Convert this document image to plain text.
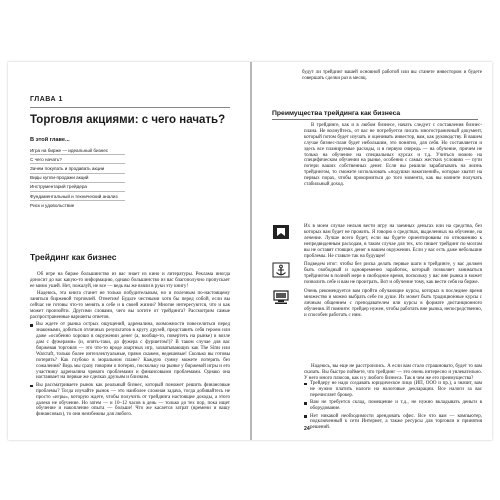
ГЛАВА 1
Торговля акциями: с чего начать?
В этой главе...
Игра на бирже — идеальный бизнес
С чего начать?
Зачем покупать и продавать акции
Виды купли-продажи акций
Инструментарий трейдера
Фундаментальный и технический анализ
Риск и удовольствие
Трейдинг как бизнес

Об игре на бирже большинство из вас знает из кино и литературы. Реклама иногда доносит до вас какую-то информацию, однако большинство из вас благополучно пропускает ее мимо ушей. Нет, пожалуй, не все — ведь вы же взяли в руки эту книгу!

Надеюсь, эта книга станет не только побудительным, но и полезным по-настоящему заняться биржевой торговлей. Отметим! Будьте честными хотя бы перед собой, если вы сейчас не готовы что-то менять в себе и в своей жизни? Многие интересуются, что и как может произойти. Другими словами, чего вы хотите от трейдинга? Рассмотрим самые распространенные варианты ответов.

Вы ждете от рынка острых ощущений, адреналина, возможности повеселиться перед знакомыми, добиться отличных результатов в кругу друзей, представить себя героем или даже «особенно хорошо в окружении денег (а, вообще-то, повертеть на рынке) и возле дам с фужерами» (и, опять-таки, до фужера с фуршетом!)? В таком случае для вас биржевая торговля — это что-то вроде азартных игр, захватывающих как The Sims или Warcraft, только более интеллектуальные, прямо скажем, недешевые! Сколько вы готовы потерять? Как глубоко в моральном плане? Каждую сумму можете потерять без сожаления? Ведь мы сразу говорим о потерях, поскольку на рынке у биржевой игры и его участнику адреналина чревато проблемами и финансовыми проблемами. Однако она настаивает на первые же сделках друзьям и близким.
Вы рассматриваете рынок как реальный бизнес, который поможет решить финансовые проблемы? Тогда изучайте рынок — это наиболее сложная задача, тогда добивайтесь не просто «игры», которую ждете, чтобы получить от трейдинга настоящие доходы, а этого далеко не обучение. Но затем — и 10–12 часов в день — только до тех пор, пока ищет обучение и накопление опыта — больше! Что же касается затрат (времени и вашу финансовых), то они неизбежны для любого.
будут ли трейдинг вашей основной работой или вы станете инвестором и будете совершать сделки раз в месяц.
Преимущества трейдинга как бизнеса

В трейдинге, как и в любом бизнесе, начать следует с составления бизнес-плана. Не волнуйтесь, от вас не потребуется писать многостраничный документ, который потом будет изучать и оценивать инвестор, вам, как руководству. В вашем случае бизнес-план будет небольшим, это понятно, для себя. Но составляется и здесь все планируемые расходы, и в первую очередь — на обучение, причем не только на обучение на специальных курсах и т.д. Учиться можно на специфическом обучении на рынке, особенно с самых жестких условиях — пути потери ваших собственных денег. Если вы решили зарабатывать на жизнь трейдингом, то сможете использовать «подушки накоплений», которые хватит на первых порах, чтобы прокормиться до того момента, как вы начнете получать стабильный доход.

Их в моем случае нельзя вести игру на заемных деньгах или на средства, без которых вам будет не прожить. Я говорю о средствах, выделенных на обучение, на лечение. Лучше всего будет, если вы будете ориентированы по отношению к непредвиденным расходам, в таком случае для тех, кто пишет трейдинг по мозгам вы не оставят стоящих денег в вашем окружении. Если у вас есть даже небольшие проблемы. Не ставьте так на будущее!
Подведем итог: чтобы без риска делать первые шаги в трейдинге, у вас должен быть свободный и одновременно заработок, который позволяет заниматься трейдингом в полной мере в свободное время, поскольку у вас вне рынка и может позволить себе и вам не проиграть. Вот и обучение тому, как вести себя на бирже.
Очень рекомендуется вам пройти обучающие курсы, которых в последнее время множество и можно выбрать себе по душе. Их может быть традиционные курсы с личным общением с преподавателем или курсы в формате дистанционного обучения. И помните: трейдер нужен, чтобы работать вне рынка, непосредственно, и способен работать с ним.

Надеюсь, вы еще не расстроились. А если вам стало страшновато, будет то вам сказать. Вы быстро поймете, что трейдинг — это очень интересно и увлекательно. У него много плюсов, как и у любого бизнеса. Так в чем же его преимущества?

Трейдеру не надо создавать юридическое лицо (ИП, ООО и пр.), а значит, вам не нужно платить налоги на налоговые декларации. Все налоги за вас перечисляет брокер.
Вам не требуется склад, помещение и т.д., не нужно вкладывать деньги в оборудование.
Нет никакой необходимости арендовать офис. Все что вам — компьютер, подключенный к сети Интернет, а также ресурсы для торговли и принятия решений.
24
